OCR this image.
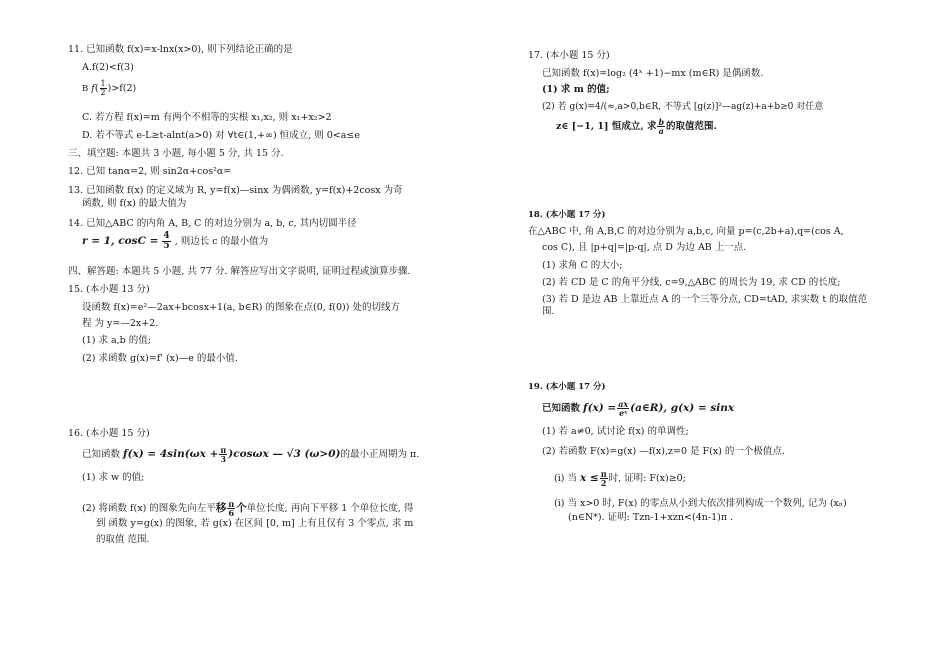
11. 已知函数 f(x)=x-lnx(x>0), 则下列结论正确的是
A.f(2)<f(3)
B $f( \frac{1}{2} )>f(2)$
C. 若方程 f(x)=m 有两个不相等的实根 x₁,x₂, 则 x₁+x₂>2
D. 若不等式 e-L≥t-alnt(a>0) 对 ∀t∈(1,+∞) 恒成立, 则 0<a≤e
三、填空题: 本题共 3 小题, 每小题 5 分, 共 15 分.
12. 已知 tanα=2, 则 sin2α+cos²α=
13. 已知函数 f(x) 的定义域为 R, y=f(x)—sinx 为偶函数, y=f(x)+2cosx 为奇
函数, 则 f(x) 的最大值为
14. 已知△ABC 的内角 A, B, C 的对边分别为 a, b, c, 其内切圆半径
r = 1, $\cos C = \frac{4}{5}$ , 则边长 c 的最小值为
四、解答题: 本题共 5 小题, 共 77 分. 解答应写出文字说明, 证明过程或演算步骤.
15. (本小题 13 分)
设函数 f(x)=e²—2ax+bcosx+1(a, b∈R) 的图象在点(0, f(0)) 处的切线方
程 为 y=—2x+2.
(1) 求 a,b 的值;
(2) 求函数 g(x)=f' (x)—e 的最小值.
16. (本小题 15 分)
已知函数 $f(x) = 4\sin(\omega x + \frac{\pi}{3} )\cos\omega x$ — √3 (ω>0)的最小正周期为 π.
(1) 求 w 的值;
(2) 将函数 f(x) 的图象先向左平移 $\frac{\pi}{6}$ 个单位长度, 再向下平移 1 个单位长度, 得
到 函数 y=g(x) 的图象, 若 g(x) 在区间 [0, m] 上有且仅有 3 个零点, 求 m
的取值 范围.
17. (本小题 15 分)
已知函数 f(x)=log₂ (4ˣ +1)−mx (m∈R) 是偶函数.
(1) 求 m 的值;
(2) 若 g(x)=4/(≈,a>0,b∈R, 不等式 [g(z)]²—ag(z)+a+b≥0 对任意
z∈ [−1, 1] 恒成立, 求 $\frac{b}{a}$ 的取值范围.
18. (本小题 17 分)
在△ABC 中, 角 A,B,C 的对边分别为 a,b,c, 向量 p=(c,2b+a),q=(cos A,
cos C), 且 |p+q|=|p-q|, 点 D 为边 AB 上一点.
(1) 求角 C 的大小;
(2) 若 CD 是 C 的角平分线, c=9,△ABC 的周长为 19, 求 CD 的长度;
(3) 若 D 是边 AB 上靠近点 A 的一个三等分点, CD=tAD, 求实数 t 的取值范
围.
19. (本小题 17 分)
已知函数 $f(x) = \frac{ax}{\text{eˣ}}$ (a∈R), g(x) = sinx
(1) 若 a≠0, 试讨论 f(x) 的单调性;
(2) 若函数 F(x)=g(x) —f(x),z=0 是 F(x) 的一个极值点.
(i) 当 $x \le \frac{\pi}{2}$ 时, 证明: F(x)≥0;
(i) 当 x>0 时, F(x) 的零点从小到大依次排列构成一个数列, 记为 (xₙ)
(n∈N*). 证明: Tzn-1+xzn<(4n-1)π .
